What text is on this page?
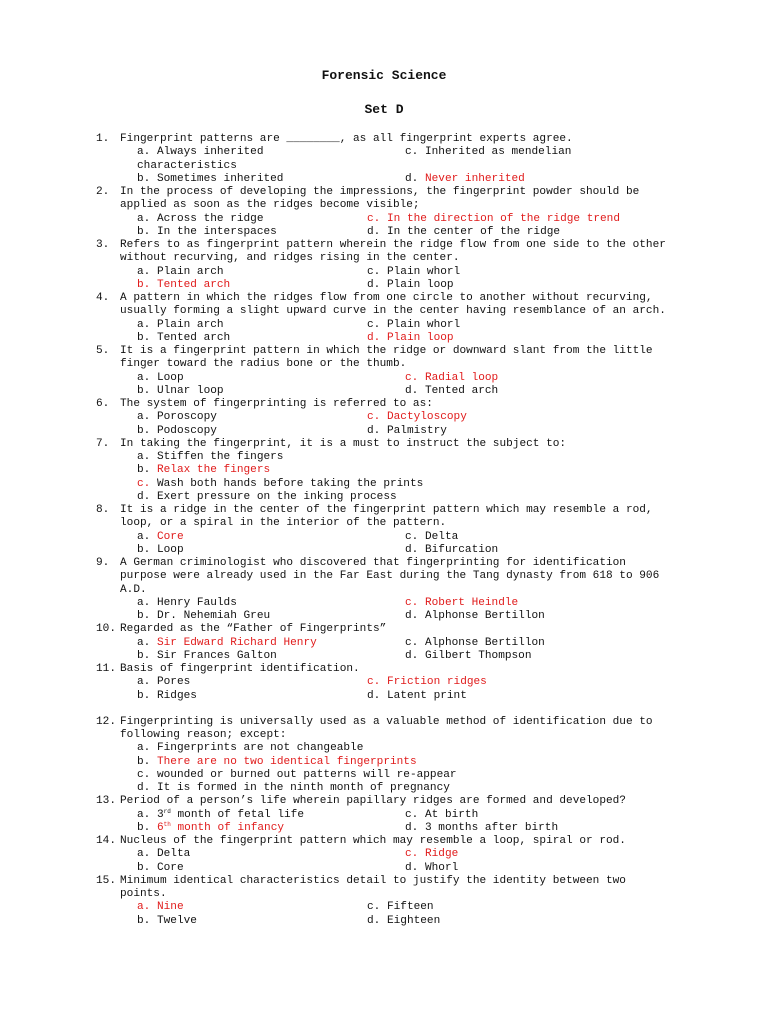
Forensic Science
Set D
1. Fingerprint patterns are ________, as all fingerprint experts agree.
a. Always inherited	c. Inherited as mendelian
characteristics
b. Sometimes inherited	d. Never inherited
2. In the process of developing the impressions, the fingerprint powder should be
applied as soon as the ridges become visible;
a. Across the ridge	c. In the direction of the ridge trend
b. In the interspaces	d. In the center of the ridge
3. Refers to as fingerprint pattern wherein the ridge flow from one side to the other
without recurving, and ridges rising in the center.
a. Plain arch	c. Plain whorl
b. Tented arch	d. Plain loop
4. A pattern in which the ridges flow from one circle to another without recurving,
usually forming a slight upward curve in the center having resemblance of an arch.
a. Plain arch	c. Plain whorl
b. Tented arch	d. Plain loop
5. It is a fingerprint pattern in which the ridge or downward slant from the little
finger toward the radius bone or the thumb.
a. Loop	c. Radial loop
b. Ulnar loop	d. Tented arch
6. The system of fingerprinting is referred to as:
a. Poroscopy	c. Dactyloscopy
b. Podoscopy	d. Palmistry
7. In taking the fingerprint, it is a must to instruct the subject to:
a. Stiffen the fingers
b. Relax the fingers
c. Wash both hands before taking the prints
d. Exert pressure on the inking process
8. It is a ridge in the center of the fingerprint pattern which may resemble a rod,
loop, or a spiral in the interior of the pattern.
a. Core	c. Delta
b. Loop	d. Bifurcation
9. A German criminologist who discovered that fingerprinting for identification
purpose were already used in the Far East during the Tang dynasty from 618 to 906
A.D.
a. Henry Faulds	c. Robert Heindle
b. Dr. Nehemiah Greu	d. Alphonse Bertillon
10. Regarded as the “Father of Fingerprints”
a. Sir Edward Richard Henry	c. Alphonse Bertillon
b. Sir Frances Galton	d. Gilbert Thompson
11. Basis of fingerprint identification.
a. Pores	c. Friction ridges
b. Ridges	d. Latent print
12. Fingerprinting is universally used as a valuable method of identification due to
following reason; except:
a. Fingerprints are not changeable
b. There are no two identical fingerprints
c. wounded or burned out patterns will re-appear
d. It is formed in the ninth month of pregnancy
13. Period of a person’s life wherein papillary ridges are formed and developed?
a. 3rd month of fetal life	c. At birth
b. 6th month of infancy	d. 3 months after birth
14. Nucleus of the fingerprint pattern which may resemble a loop, spiral or rod.
a. Delta	c. Ridge
b. Core	d. Whorl
15. Minimum identical characteristics detail to justify the identity between two
points.
a. Nine	c. Fifteen
b. Twelve	d. Eighteen
